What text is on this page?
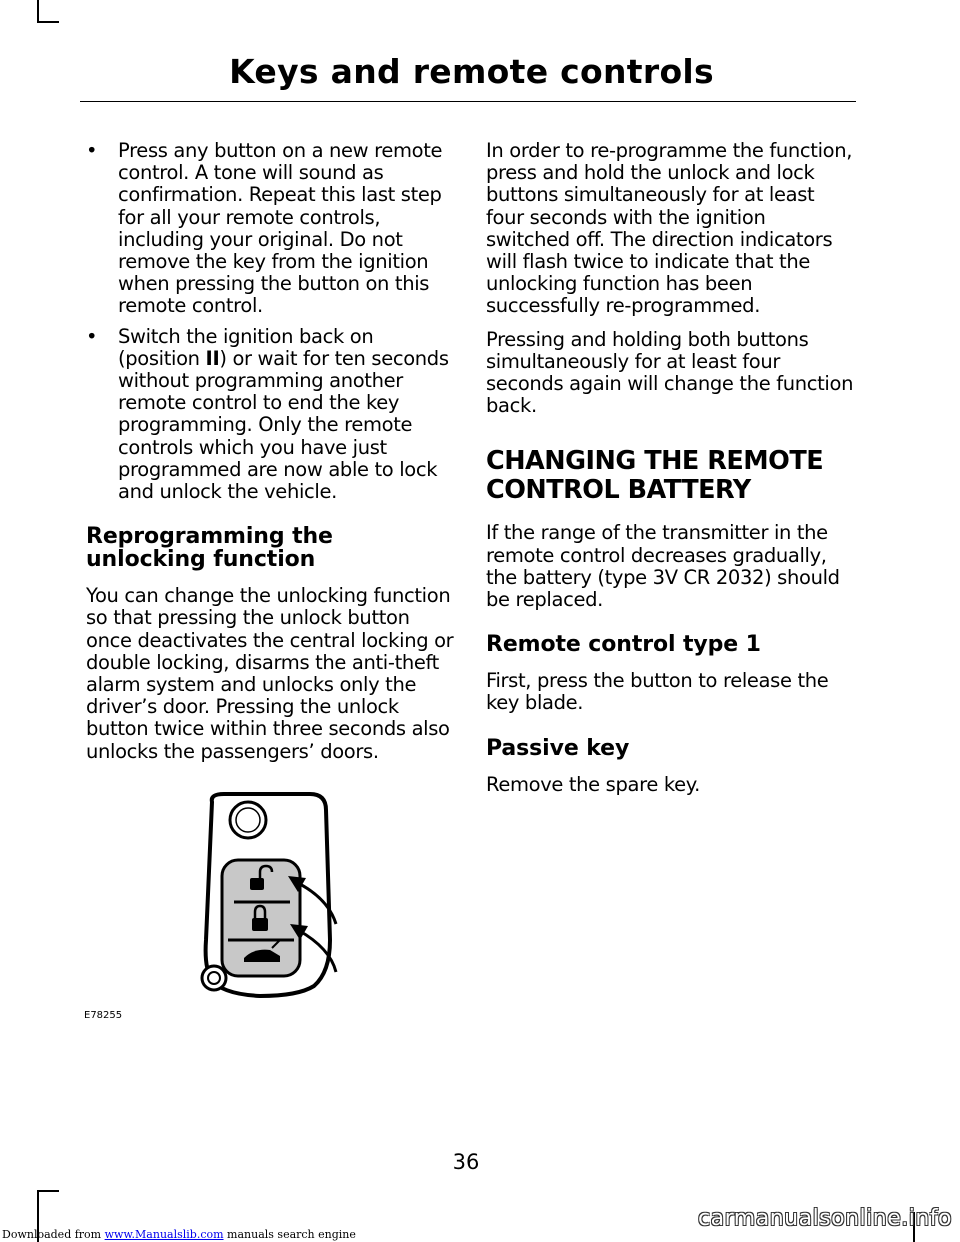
Keys and remote controls
• Press any button on a new remote control. A tone will sound as confirmation. Repeat this last step for all your remote controls, including your original. Do not remove the key from the ignition when pressing the button on this remote control.
• Switch the ignition back on (position II) or wait for ten seconds without programming another remote control to end the key programming. Only the remote controls which you have just programmed are now able to lock and unlock the vehicle.
Reprogramming the unlocking function
You can change the unlocking function so that pressing the unlock button once deactivates the central locking or double locking, disarms the anti-theft alarm system and unlocks only the driver’s door. Pressing the unlock button twice within three seconds also unlocks the passengers’ doors.
E78255
In order to re-programme the function, press and hold the unlock and lock buttons simultaneously for at least four seconds with the ignition switched off. The direction indicators will flash twice to indicate that the unlocking function has been successfully re-programmed.
Pressing and holding both buttons simultaneously for at least four seconds again will change the function back.
CHANGING THE REMOTE
CONTROL BATTERY
If the range of the transmitter in the remote control decreases gradually, the battery (type 3V CR 2032) should be replaced.
Remote control type 1
First, press the button to release the key blade.
Passive key
Remove the spare key.
36
Downloaded from www.Manualslib.com manuals search engine
carmanualsonline.info
